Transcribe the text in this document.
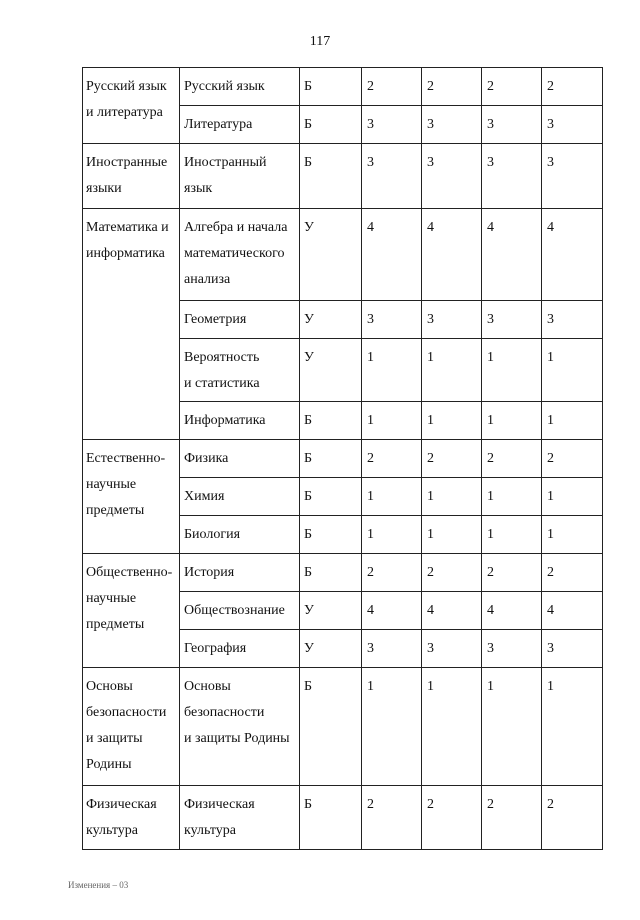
117
Русский язык
и литература	Русский язык	Б	2	2	2	2

	Литература	Б	3	3	3	3

Иностранные
языки	Иностранный
язык	Б	3	3	3	3

Математика и
информатика	Алгебра и начала
математического
анализа	У	4	4	4	4

	Геометрия	У	3	3	3	3

	Вероятность
и статистика	У	1	1	1	1

	Информатика	Б	1	1	1	1

Естественно-
научные
предметы	Физика	Б	2	2	2	2

	Химия	Б	1	1	1	1

	Биология	Б	1	1	1	1

Общественно-
научные
предметы	История	Б	2	2	2	2

	Обществознание	У	4	4	4	4

	География	У	3	3	3	3

Основы
безопасности
и защиты
Родины	Основы
безопасности
и защиты Родины	Б	1	1	1	1

Физическая
культура	Физическая
культура	Б	2	2	2	2
Изменения – 03
